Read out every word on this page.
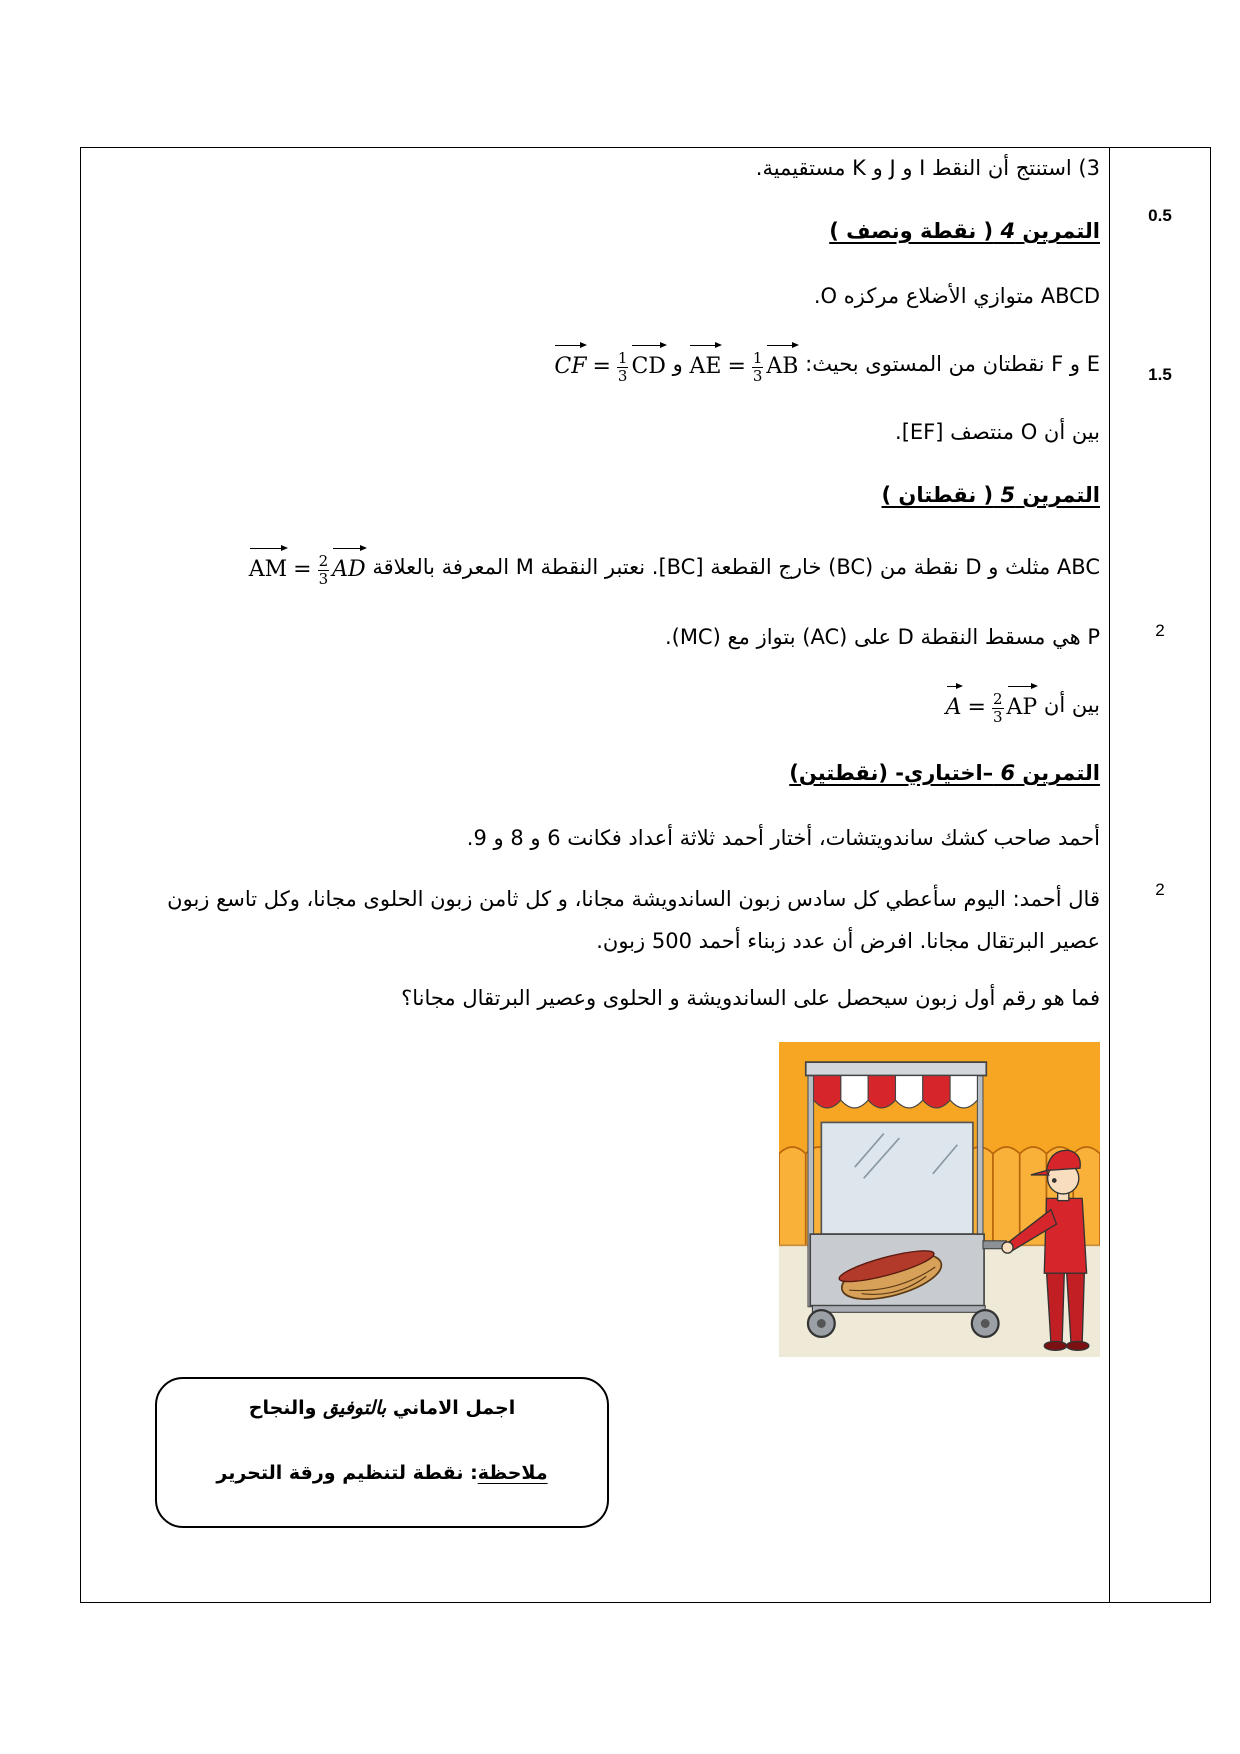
0.5
1.5
2
2
3) استنتج أن النقط I و J و K مستقيمية.
التمرين 4 ( نقطة ونصف )
ABCD متوازي الأضلاع مركزه O.
E و F نقطتان من المستوى بحيث: AE = $\frac{1}{3}$ AB و CF = $\frac{1}{3}$ CD
بين أن O منتصف [EF].
التمرين 5 ( نقطتان )
ABC مثلث و D نقطة من (BC) خارج القطعة [BC]. نعتبر النقطة M المعرفة بالعلاقة AM = $\frac{2}{3}$ AD
P هي مسقط النقطة D على (AC) بتواز مع (MC).
بين أن $A = \frac{2}{3}$ AP
التمرين 6 –اختياري- (نقطتين)
أحمد صاحب كشك ساندويتشات، أختار أحمد ثلاثة أعداد فكانت 6 و 8 و 9.
قال أحمد: اليوم سأعطي كل سادس زبون الساندويشة مجانا، و كل ثامن زبون الحلوى مجانا، وكل تاسع زبون
عصير البرتقال مجانا. افرض أن عدد زبناء أحمد 500 زبون.
فما هو رقم أول زبون سيحصل على الساندويشة و الحلوى وعصير البرتقال مجانا؟
اجمل الاماني بالتوفيق والنجاح
ملاحظة: نقطة لتنظيم ورقة التحرير
